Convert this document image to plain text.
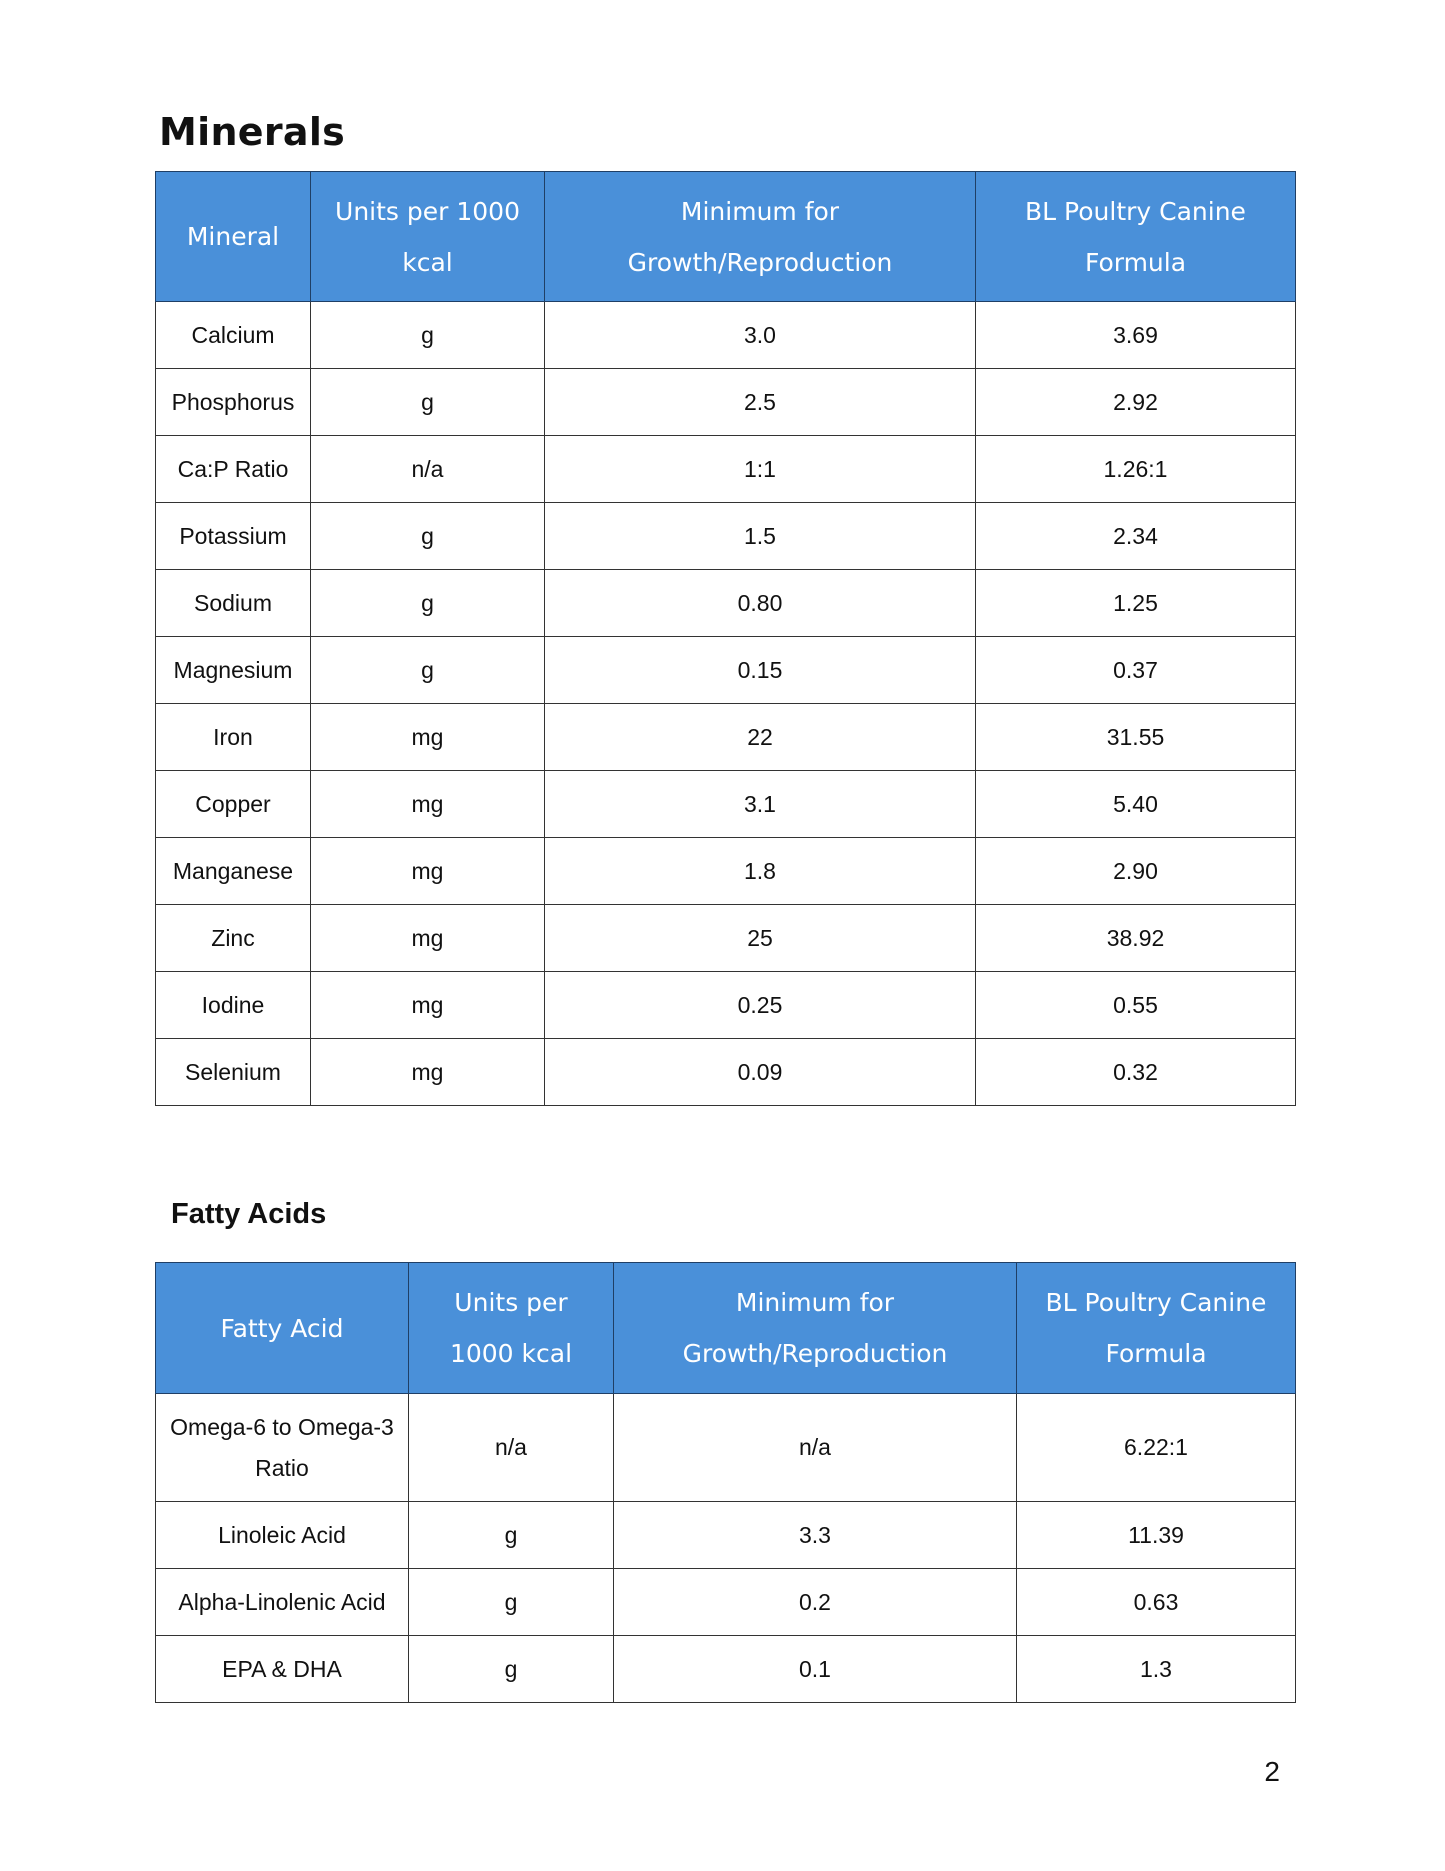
Minerals
Mineral	Units per 1000 kcal	Minimum for Growth/Reproduction	BL Poultry Canine Formula
Calcium	g	3.0	3.69
Phosphorus	g	2.5	2.92
Ca:P Ratio	n/a	1:1	1.26:1
Potassium	g	1.5	2.34
Sodium	g	0.80	1.25
Magnesium	g	0.15	0.37
Iron	mg	22	31.55
Copper	mg	3.1	5.40
Manganese	mg	1.8	2.90
Zinc	mg	25	38.92
Iodine	mg	0.25	0.55
Selenium	mg	0.09	0.32
Fatty Acids
Fatty Acid	Units per 1000 kcal	Minimum for Growth/Reproduction	BL Poultry Canine Formula
Omega-6 to Omega-3 Ratio	n/a	n/a	6.22:1
Linoleic Acid	g	3.3	11.39
Alpha-Linolenic Acid	g	0.2	0.63
EPA & DHA	g	0.1	1.3
2
